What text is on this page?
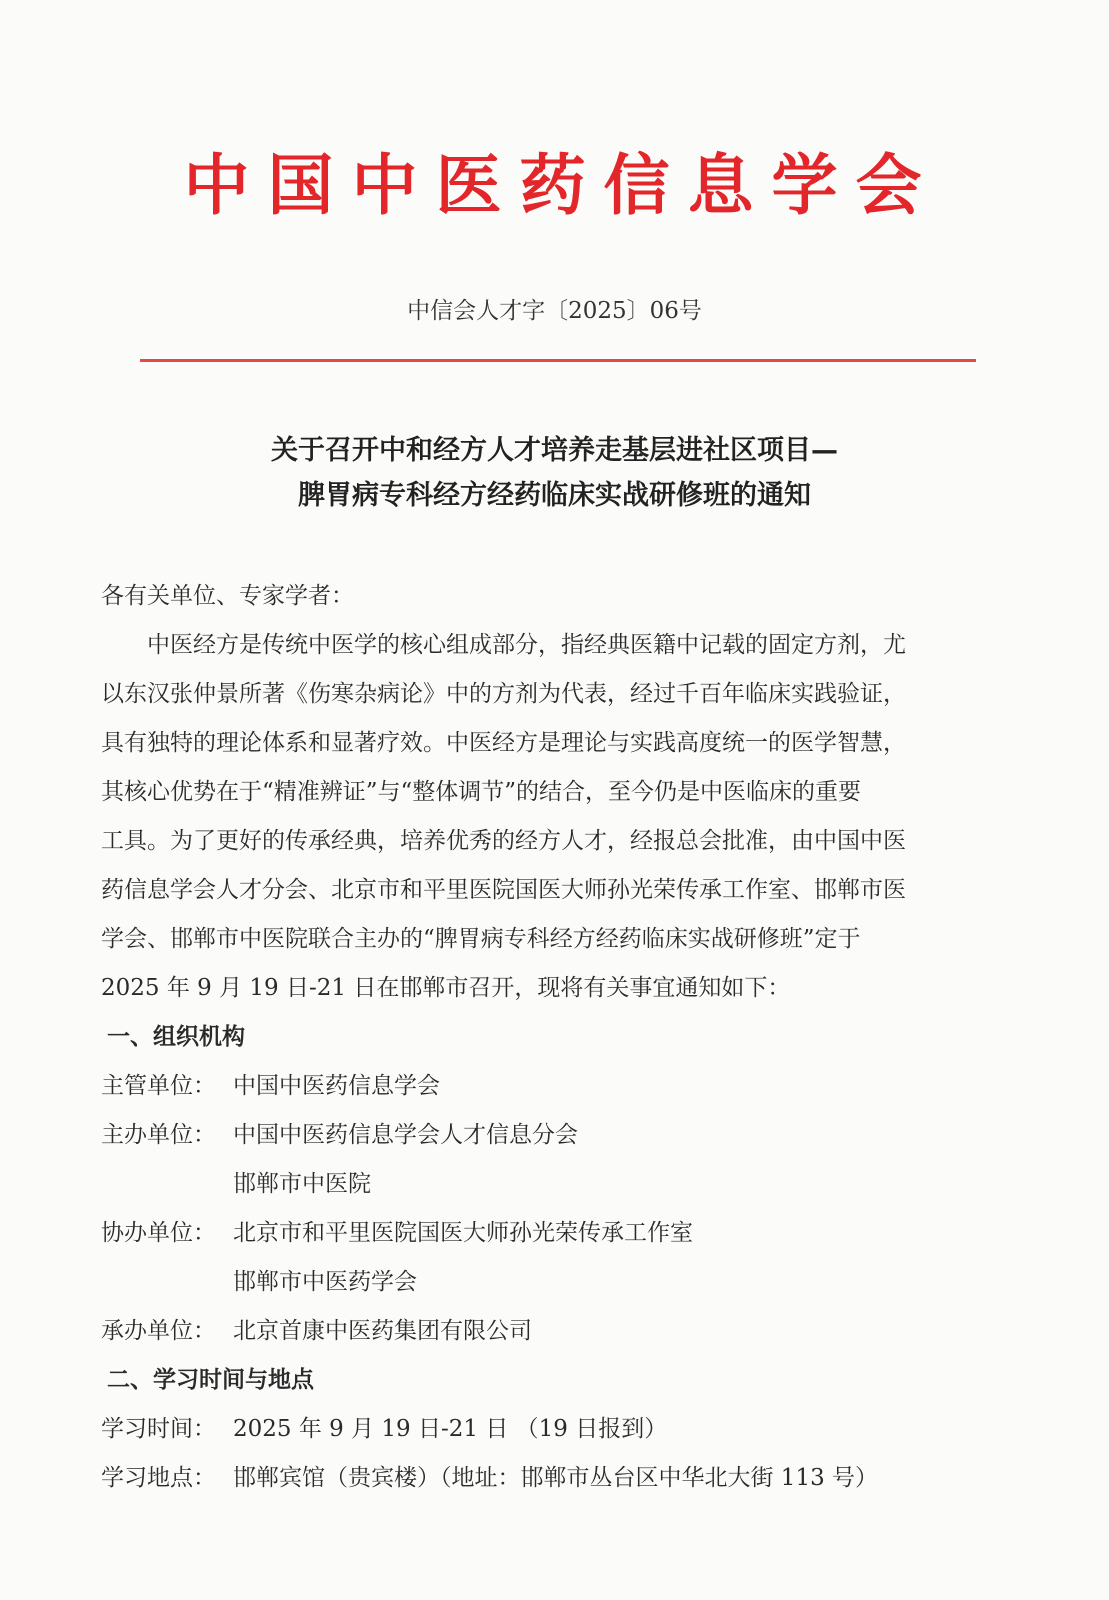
中国中医药信息学会
中信会人才字〔2025〕06号
关于召开中和经方人才培养走基层进社区项目—
脾胃病专科经方经药临床实战研修班的通知
各有关单位、专家学者：
中医经方是传统中医学的核心组成部分，指经典医籍中记载的固定方剂，尤
以东汉张仲景所著《伤寒杂病论》中的方剂为代表，经过千百年临床实践验证，
具有独特的理论体系和显著疗效。中医经方是理论与实践高度统一的医学智慧，
其核心优势在于“精准辨证”与“整体调节”的结合，至今仍是中医临床的重要
工具。为了更好的传承经典，培养优秀的经方人才，经报总会批准，由中国中医
药信息学会人才分会、北京市和平里医院国医大师孙光荣传承工作室、邯郸市医
学会、邯郸市中医院联合主办的“脾胃病专科经方经药临床实战研修班”定于
2025 年 9 月 19 日-21 日在邯郸市召开，现将有关事宜通知如下：
一、组织机构
主管单位： 中国中医药信息学会
主办单位： 中国中医药信息学会人才信息分会
邯郸市中医院
协办单位： 北京市和平里医院国医大师孙光荣传承工作室
邯郸市中医药学会
承办单位： 北京首康中医药集团有限公司
二、学习时间与地点
学习时间： 2025 年 9 月 19 日-21 日 （19 日报到）
学习地点： 邯郸宾馆（贵宾楼）（地址：邯郸市丛台区中华北大街 113 号）
